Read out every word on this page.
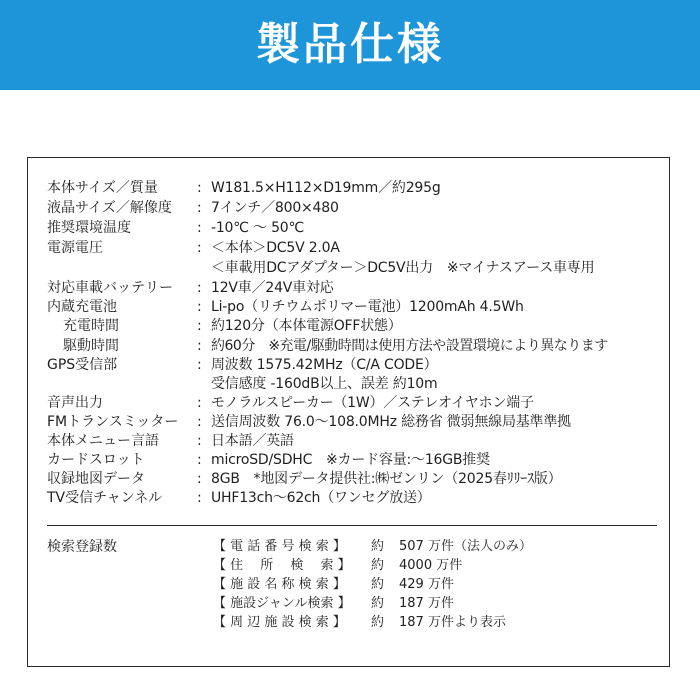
製品仕様
本体サイズ／質量	: W181.5×H112×D19mm／約295g
液晶サイズ／解像度	: 7インチ／800×480
推奨環境温度	: -10℃ ～ 50℃
電源電圧	: ＜本体＞DC5V 2.0A
＜車載用DCアダプター＞DC5V出力　※マイナスアース車専用
対応車載バッテリー	: 12V車／24V車対応
内蔵充電池	: Li-po（リチウムポリマー電池）1200mAh 4.5Wh
充電時間	: 約120分（本体電源OFF状態）
駆動時間	: 約60分　※充電/駆動時間は使用方法や設置環境により異なります
GPS受信部	: 周波数 1575.42MHz（C/A CODE）
受信感度 -160dB以上、誤差 約10m
音声出力	: モノラルスピーカー（1W）／ステレオイヤホン端子
FMトランスミッター	: 送信周波数 76.0～108.0MHz 総務省 微弱無線局基準準拠
本体メニュー言語	: 日本語／英語
カードスロット	: microSD/SDHC　※カード容量:～16GB推奨
収録地図データ	: 8GB　*地図データ提供社:㈱ゼンリン（2025春ﾘﾘｰｽ版）
TV受信チャンネル	: UHF13ch～62ch（ワンセグ放送）
検索登録数	【 電 話 番 号 検 索 】	約	507 万件（法人のみ）
【 住　 所　 検　 索 】	約	4000 万件
【 施 設 名 称 検 索 】	約	429 万件
【 施設ジャンル検索 】	約	187 万件
【 周 辺 施 設 検 索 】	約	187 万件より表示
